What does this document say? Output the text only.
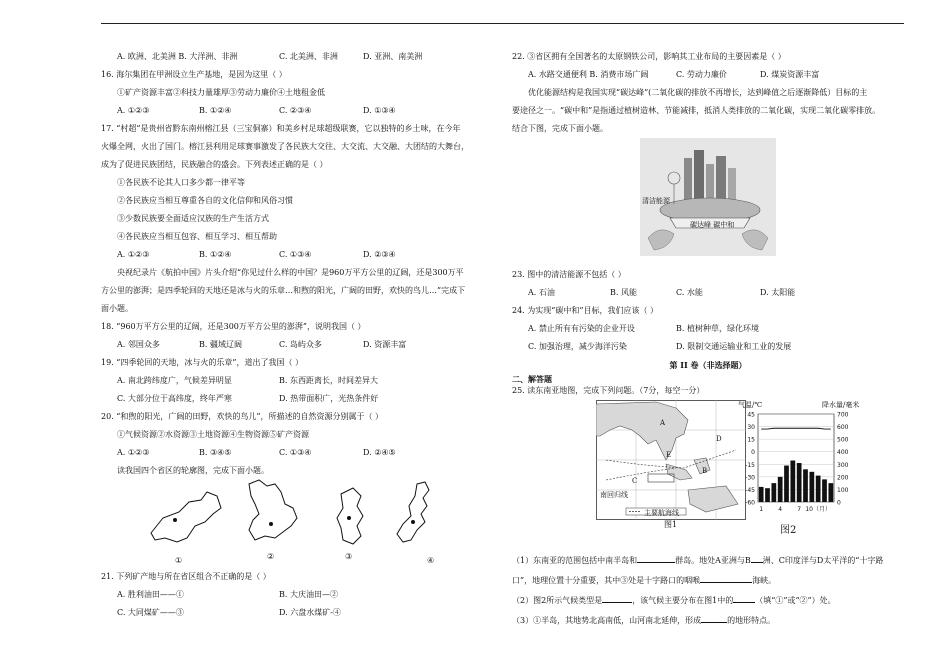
A. 欧洲、北美洲 B. 大洋洲、非洲	C. 北美洲、非洲	D. 亚洲、南美洲
16. 海尔集团在甲洲设立生产基地，是因为这里（ ）
①矿产资源丰富②科技力量雄厚③劳动力廉价④土地租金低
A. ①②③	B. ①②④	C. ②③④	D. ①③④
17. “村超”是贵州省黔东南州榕江县（三宝侗寨）和美乡村足球超级联赛，它以独特的乡土味，在今年
火爆全网，火出了国门。榕江县利用足球赛事激发了各民族大交往、大交流、大交融、大团结的大舞台，
成为了促进民族团结，民族融合的盛会。下列表述正确的是（ ）
①各民族不论其人口多少都一律平等
②各民族应当相互尊重各自的文化信仰和风俗习惯
③少数民族要全面适应汉族的生产生活方式
④各民族应当相互包容、相互学习、相互帮助
A. ①②③	B. ①②④	C. ①③④	D. ②③④
央视纪录片《航拍中国》片头介绍“你见过什么样的中国？是960万平方公里的辽阔，还是300万平
方公里的澎湃；是四季轮回的天地还是冰与火的乐章…和煦的阳光，广阔的田野，欢快的鸟儿…”完成下
面小题。
18. “960万平方公里的辽阔，还是300万平方公里的澎湃”，说明我国（ ）
A. 邻国众多	B. 疆域辽阔	C. 岛屿众多	D. 资源丰富
19. “四季轮回的天地，冰与火的乐章”，道出了我国（ ）
A. 南北跨纬度广，气候差异明显	B. 东西距离长，时间差异大
C. 大部分位于高纬度，终年严寒	D. 热带面积广，光热条件好
20. “和煦的阳光，广阔的田野，欢快的鸟儿”，所描述的自然资源分别属于（ ）
①气候资源②水资源③土地资源④生物资源⑤矿产资源
A. ①②③	B. ③④⑤	C. ①③④	D. ②④⑤
读我国四个省区的轮廓图，完成下面小题。
①	②	③	④
21. 下列矿产地与所在省区组合不正确的是（ ）
A. 胜利油田——①	B. 大庆油田—②
C. 大同煤矿——③	D. 六盘水煤矿-④
22. ③省区拥有全国著名的太原钢铁公司，影响其工业布局的主要因素是（ ）
A. 水路交通便利 B. 消费市场广阔	C. 劳动力廉价	D. 煤炭资源丰富
优化能源结构是我国实现“碳达峰”(二氧化碳的排放不再增长，达到峰值之后逐渐降低）目标的主
要途径之一。“碳中和”是指通过植树造林、节能减排，抵消人类排放的二氧化碳，实现二氧化碳零排放。
结合下图，完成下面小题。
清洁能源
碳达峰 碳中和
23. 图中的清洁能源不包括（ ）
A. 石油	B. 风能	C. 水能	D. 太阳能
24. 为实现“碳中和”目标，我们应该（ ）
A. 禁止所有有污染的企业开设	B. 植树种草，绿化环境
C. 加强治理，减少海洋污染	D. 限制交通运输业和工业的发展
第 II 卷（非选择题）
二、解答题
25. 读东南亚地图，完成下列问题。（7分，每空一分）
A
B
C
D
E
南回归线
主要航海线
图1
气温/℃	降水量/毫米
700
600
500
400
300
200
100
0
45
30
15
0
-15
-30
-45
-60
1	4	7 10（月）
图2
（1）东南亚的范围包括中南半岛和	群岛。地处A亚洲与B 洲、C印度洋与D太平洋的“十字路
口”，地理位置十分重要，其中③处是十字路口的咽喉	海峡。
（2）图2所示气候类型是	，该气候主要分布在图1中的	（填“①”或“②”）处。
（3）①半岛，其地势北高南低，山河南北延伸，形成	的地形特点。
